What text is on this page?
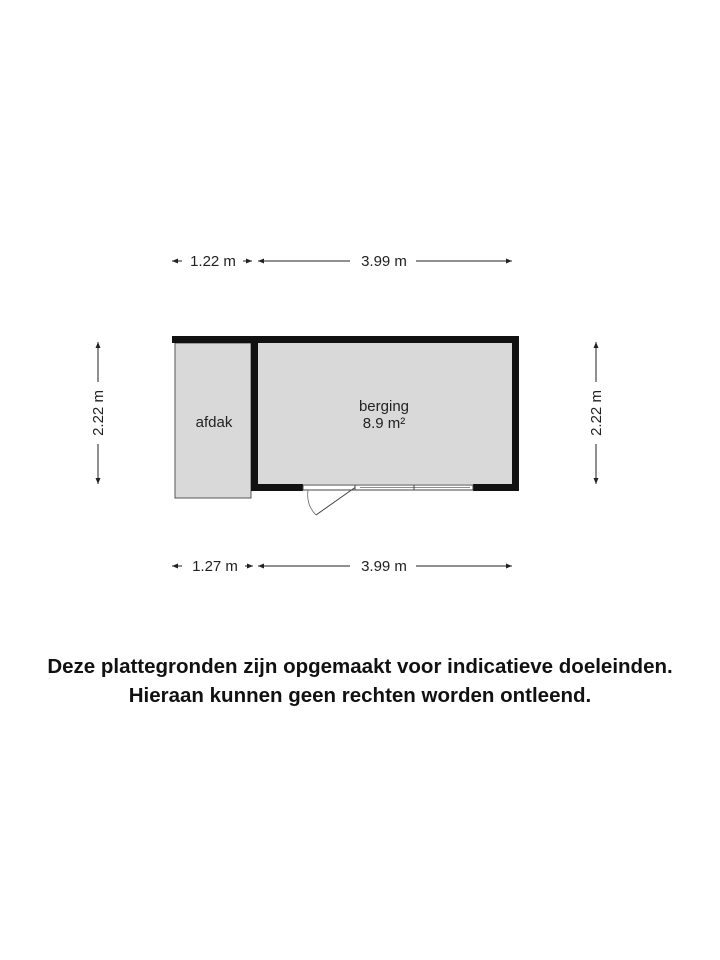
1.22 m	3.99 m
1.27 m	3.99 m
2.22 m	2.22 m
afdak
berging
8.9 m²
Deze plattegronden zijn opgemaakt voor indicatieve doeleinden.
Hieraan kunnen geen rechten worden ontleend.
